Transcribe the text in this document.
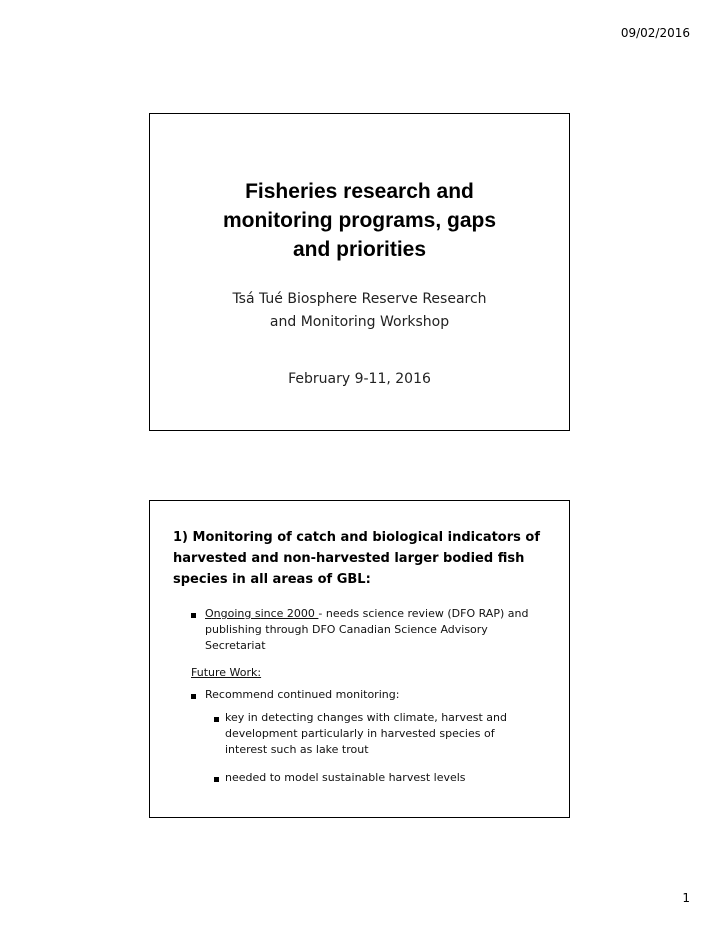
09/02/2016
Fisheries research and
monitoring programs, gaps
and priorities
Tsá Tué Biosphere Reserve Research
and Monitoring Workshop
February 9-11, 2016
1) Monitoring of catch and biological indicators of
harvested and non-harvested larger bodied fish
species in all areas of GBL:
Ongoing since 2000 - needs science review (DFO RAP) and
publishing through DFO Canadian Science Advisory
Secretariat
Future Work:
Recommend continued monitoring:
key in detecting changes with climate, harvest and
development particularly in harvested species of
interest such as lake trout
needed to model sustainable harvest levels
1
